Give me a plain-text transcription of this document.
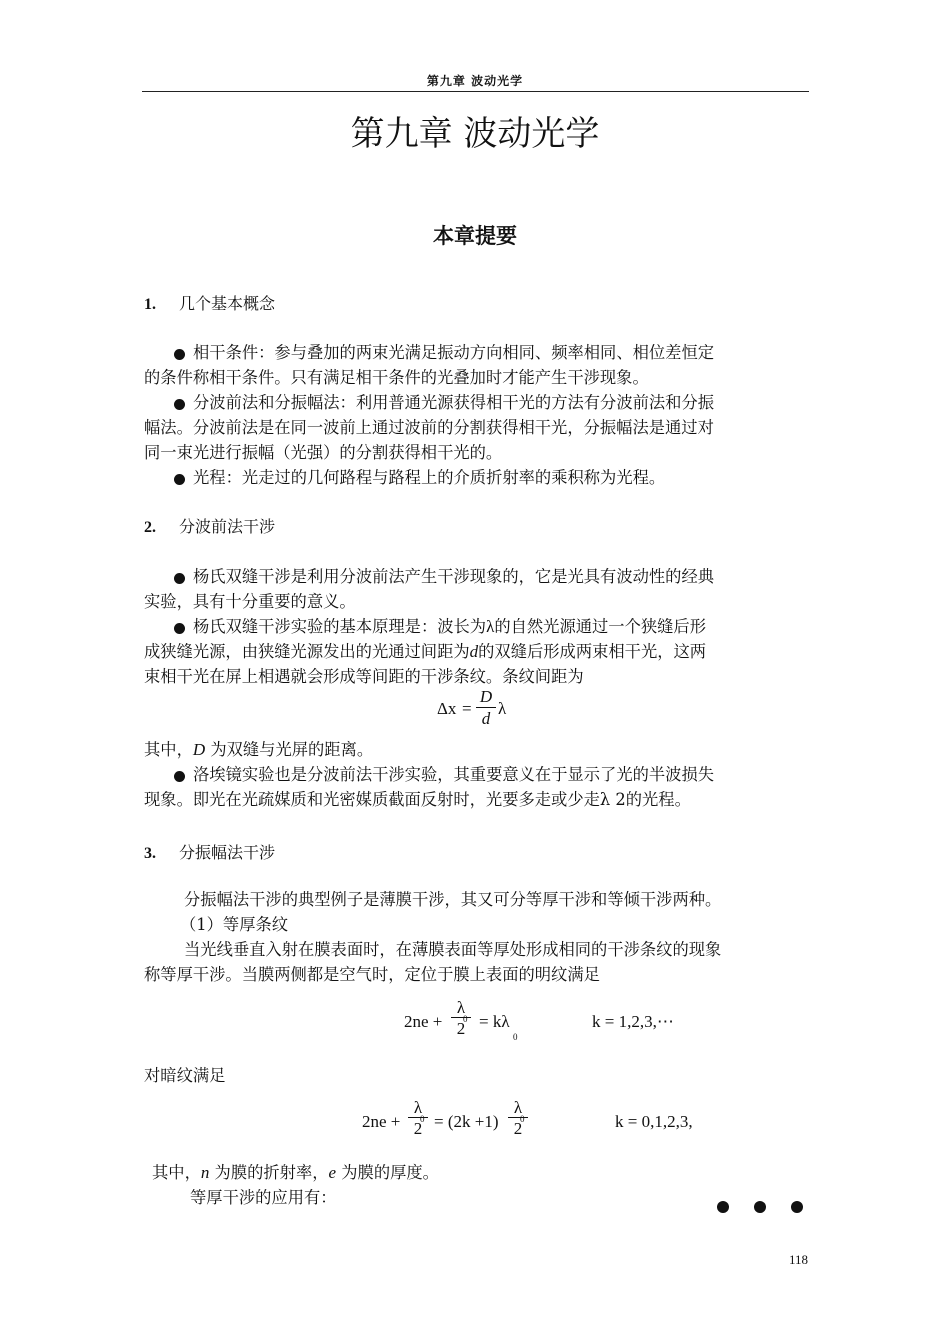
第九章 波动光学
第九章 波动光学
本章提要
1. 几个基本概念
相干条件：参与叠加的两束光满足振动方向相同、频率相同、相位差恒定
的条件称相干条件。只有满足相干条件的光叠加时才能产生干涉现象。
分波前法和分振幅法：利用普通光源获得相干光的方法有分波前法和分振
幅法。分波前法是在同一波前上通过波前的分割获得相干光，分振幅法是通过对
同一束光进行振幅（光强）的分割获得相干光的。
光程：光走过的几何路程与路程上的介质折射率的乘积称为光程。
2. 分波前法干涉
杨氏双缝干涉是利用分波前法产生干涉现象的，它是光具有波动性的经典
实验，具有十分重要的意义。
杨氏双缝干涉实验的基本原理是：波长为λ的自然光源通过一个狭缝后形
成狭缝光源，由狭缝光源发出的光通过间距为d的双缝后形成两束相干光，这两
束相干光在屏上相遇就会形成等间距的干涉条纹。条纹间距为
$\Delta x = \frac{D}{d}$ λ
其中，D 为双缝与光屏的距离。
洛埃镜实验也是分波前法干涉实验，其重要意义在于显示了光的半波损失
现象。即光在光疏媒质和光密媒质截面反射时，光要多走或少走λ 2的光程。
3. 分振幅法干涉
分振幅法干涉的典型例子是薄膜干涉，其又可分等厚干涉和等倾干涉两种。
（1）等厚条纹
当光线垂直入射在膜表面时，在薄膜表面等厚处形成相同的干涉条纹的现象
称等厚干涉。当膜两侧都是空气时，定位于膜上表面的明纹满足
$2ne + \frac{\lambda}{2}$
0 = kλ
0
k = 1,2,3,⋯
对暗纹满足
$2ne + \frac{\lambda}{2}$
$0 = (2k +1) \frac{\lambda}{2}$
0	k = 0,1,2,3,
其中，n 为膜的折射率，e 为膜的厚度。
等厚干涉的应用有：
118
